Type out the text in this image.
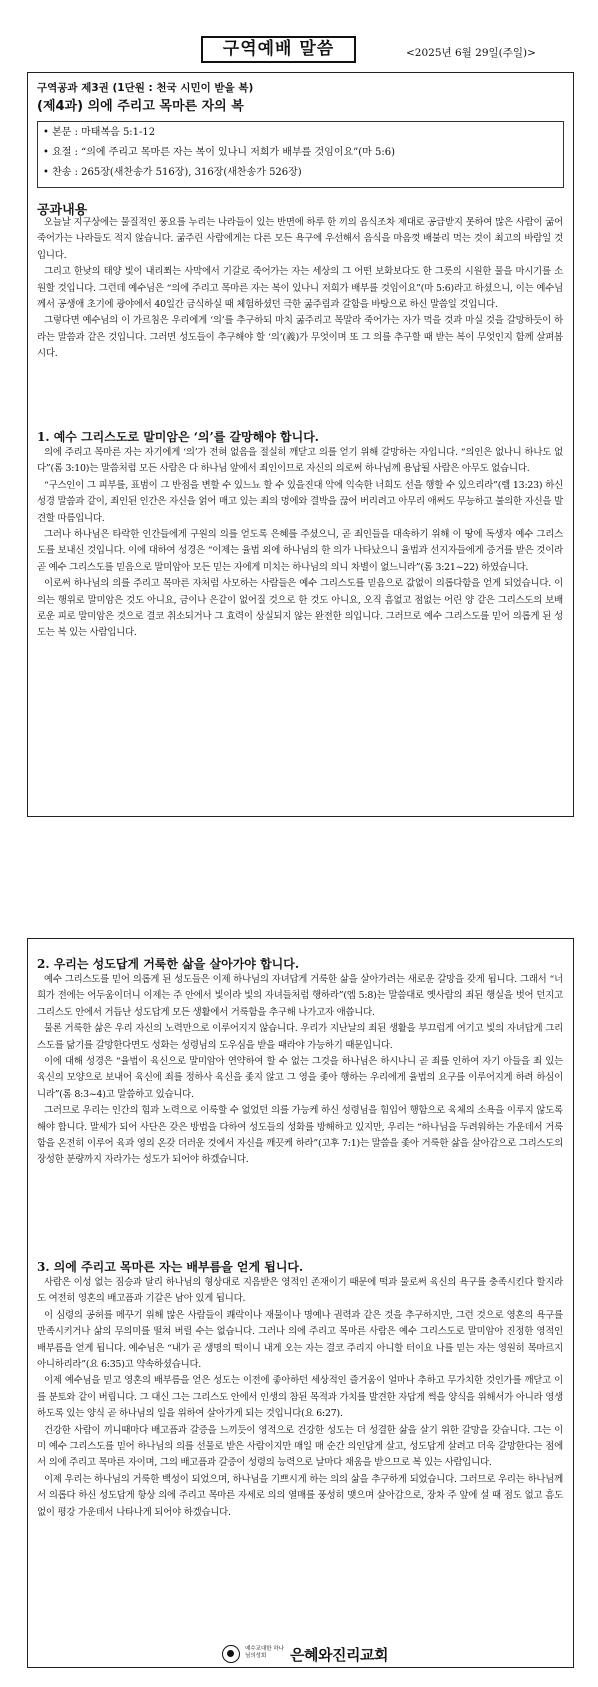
구역예배 말씀	<2025년 6월 29일(주일)>
구역공과 제3권 (1단원 : 천국 시민이 받을 복)
(제4과) 의에 주리고 목마른 자의 복
• 본문 : 마태복음 5:1-12
• 요절 : “의에 주리고 목마른 자는 복이 있나니 저희가 배부를 것임이요”(마 5:6)
• 찬송 : 265장(새찬송가 516장), 316장(새찬송가 526장)
공과내용

오늘날 지구상에는 물질적인 풍요를 누리는 나라들이 있는 반면에 하루 한 끼의 음식조차 제대로 공급받지 못하여 많은 사람이 굶어 죽어가는 나라들도 적지 않습니다. 굶주린 사람에게는 다른 모든 욕구에 우선해서 음식을 마음껏 배불리 먹는 것이 최고의 바람일 것입니다.

그리고 한낮의 태양 빛이 내리쬐는 사막에서 기갈로 죽어가는 자는 세상의 그 어떤 보화보다도 한 그릇의 시원한 물을 마시기를 소원할 것입니다. 그런데 예수님은 “의에 주리고 목마른 자는 복이 있나니 저희가 배부를 것임이요”(마 5:6)라고 하셨으니, 이는 예수님께서 공생애 초기에 광야에서 40일간 금식하실 때 체험하셨던 극한 굶주림과 갈함을 바탕으로 하신 말씀일 것입니다.

그렇다면 예수님의 이 가르침은 우리에게 ‘의’를 추구하되 마치 굶주리고 목말라 죽어가는 자가 먹을 것과 마실 것을 갈망하듯이 하라는 말씀과 같은 것입니다. 그러면 성도들이 추구해야 할 ‘의’(義)가 무엇이며 또 그 의를 추구할 때 받는 복이 무엇인지 함께 살펴봅시다.

1. 예수 그리스도로 말미암은 ‘의’를 갈망해야 합니다.

의에 주리고 목마른 자는 자기에게 ‘의’가 전혀 없음을 절실히 깨닫고 의를 얻기 위해 갈망하는 자입니다. “의인은 없나니 하나도 없다”(롬 3:10)는 말씀처럼 모든 사람은 다 하나님 앞에서 죄인이므로 자신의 의로써 하나님께 용납될 사람은 아무도 없습니다.

“구스인이 그 피부를, 표범이 그 반점을 변할 수 있느뇨 할 수 있을진대 악에 익숙한 너희도 선을 행할 수 있으리라”(렘 13:23) 하신 성경 말씀과 같이, 죄인된 인간은 자신을 얽어 매고 있는 죄의 멍에와 결박을 끊어 버리려고 아무리 애써도 무능하고 불의한 자신을 발견할 따름입니다.

그러나 하나님은 타락한 인간들에게 구원의 의를 얻도록 은혜를 주셨으니, 곧 죄인들을 대속하기 위해 이 땅에 독생자 예수 그리스도를 보내신 것입니다. 이에 대하여 성경은 “이제는 율법 외에 하나님의 한 의가 나타났으니 율법과 선지자들에게 증거를 받은 것이라 곧 예수 그리스도를 믿음으로 말미암아 모든 믿는 자에게 미치는 하나님의 의니 차별이 없느니라”(롬 3:21~22) 하였습니다.

이로써 하나님의 의를 주리고 목마른 자처럼 사모하는 사람들은 예수 그리스도를 믿음으로 값없이 의롭다함을 얻게 되었습니다. 이 의는 행위로 말미암은 것도 아니요, 금이나 은같이 없어질 것으로 한 것도 아니요, 오직 흠없고 점없는 어린 양 같은 그리스도의 보배로운 피로 말미암은 것으로 결코 취소되거나 그 효력이 상실되지 않는 완전한 의입니다. 그러므로 예수 그리스도를 믿어 의롭게 된 성도는 복 있는 사람입니다.

2. 우리는 성도답게 거룩한 삶을 살아가야 합니다.

예수 그리스도를 믿어 의롭게 된 성도들은 이제 하나님의 자녀답게 거룩한 삶을 살아가려는 새로운 갈망을 갖게 됩니다. 그래서 “너희가 전에는 어두움이더니 이제는 주 안에서 빛이라 빛의 자녀들처럼 행하라”(엡 5:8)는 말씀대로 옛사람의 죄된 행실을 벗어 던지고 그리스도 안에서 거듭난 성도답게 모든 생활에서 거룩함을 추구해 나가고자 애씁니다.

물론 거룩한 삶은 우리 자신의 노력만으로 이루어지지 않습니다. 우리가 지난날의 죄된 생활을 부끄럽게 여기고 빛의 자녀답게 그리스도를 닮기를 갈망한다면도 성화는 성령님의 도우심을 받을 때라야 가능하기 때문입니다.

이에 대해 성경은 “율법이 육신으로 말미암아 연약하여 할 수 없는 그것을 하나님은 하시나니 곧 죄를 인하여 자기 아들을 죄 있는 육신의 모양으로 보내어 육신에 죄를 정하사 육신을 좇지 않고 그 영을 좇아 행하는 우리에게 율법의 요구를 이루어지게 하려 하심이니라”(롬 8:3~4)고 말씀하고 있습니다.

그러므로 우리는 인간의 힘과 노력으로 이룩할 수 없었던 의를 가능케 하신 성령님을 힘입어 행함으로 육체의 소욕을 이루지 않도록 해야 합니다. 말세가 되어 사단은 갖은 방법을 다하여 성도들의 성화를 방해하고 있지만, 우리는 “하나님을 두려워하는 가운데서 거룩함을 온전히 이루어 육과 영의 온갖 더러운 것에서 자신을 깨끗케 하라”(고후 7:1)는 말씀을 좇아 거룩한 삶을 살아감으로 그리스도의 장성한 분량까지 자라가는 성도가 되어야 하겠습니다.

3. 의에 주리고 목마른 자는 배부름을 얻게 됩니다.

사람은 이성 없는 짐승과 달리 하나님의 형상대로 지음받은 영적인 존재이기 때문에 떡과 물로써 육신의 욕구를 충족시킨다 할지라도 여전히 영혼의 배고픔과 기갈은 남아 있게 됩니다.

이 심령의 공허를 메꾸기 위해 많은 사람들이 쾌락이나 재물이나 명예나 권력과 같은 것을 추구하지만, 그런 것으로 영혼의 욕구를 만족시키거나 삶의 무의미를 떨쳐 버릴 수는 없습니다. 그러나 의에 주리고 목마른 사람은 예수 그리스도로 말미암아 진정한 영적인 배부름을 얻게 됩니다. 예수님은 “내가 곧 생명의 떡이니 내게 오는 자는 결코 주리지 아니할 터이요 나를 믿는 자는 영원히 목마르지 아니하리라”(요 6:35)고 약속하셨습니다.

이제 예수님을 믿고 영혼의 배부름을 얻은 성도는 이전에 좋아하던 세상적인 즐거움이 얼마나 추하고 무가치한 것인가를 깨닫고 이를 분토와 같이 버립니다. 그 대신 그는 그리스도 안에서 인생의 참된 목적과 가치를 발견한 자답게 썩을 양식을 위해서가 아니라 영생하도록 있는 양식 곧 하나님의 일을 위하여 살아가게 되는 것입니다(요 6:27).

건강한 사람이 끼니때마다 배고픔과 갈증을 느끼듯이 영적으로 건강한 성도는 더 성결한 삶을 살기 위한 갈망을 갖습니다. 그는 이미 예수 그리스도를 믿어 하나님의 의를 선물로 받은 사람이지만 매일 매 순간 의인답게 살고, 성도답게 살려고 더욱 갈망한다는 점에서 의에 주리고 목마른 자이며, 그의 배고픔과 갈증이 성령의 능력으로 날마다 채움을 받으므로 복 있는 사람입니다.

이제 우리는 하나님의 거룩한 백성이 되었으며, 하나님을 기쁘시게 하는 의의 삶을 추구하게 되었습니다. 그러므로 우리는 하나님께서 의롭다 하신 성도답게 항상 의에 주리고 목마른 자세로 의의 열매를 풍성히 맺으며 살아감으로, 장차 주 앞에 설 때 점도 없고 흠도 없이 평강 가운데서 나타나게 되어야 하겠습니다.

예수교대한 하나님의성회	은혜와진리교회
